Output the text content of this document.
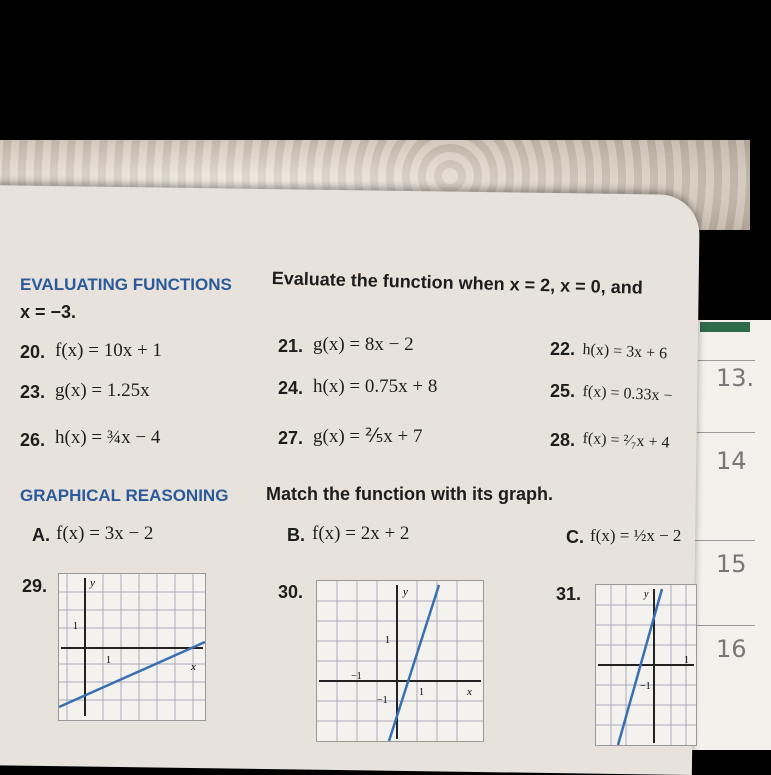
13.
14
15
16
EVALUATING FUNCTIONS Evaluate the function when x = 2, x = 0, and
x = −3.
20. f(x) = 10x + 1	21. g(x) = 8x − 2	22. h(x) = 3x + 6
23. g(x) = 1.25x	24. h(x) = 0.75x + 8	25. f(x) = 0.33x −
26. h(x) = ¾x − 4	27. g(x) = ⅖x + 7	28. f(x) = ²⁄₇x + 4
GRAPHICAL REASONING Match the function with its graph.
A. f(x) = 3x − 2	B. f(x) = 2x + 2	C. f(x) = ½x − 2
29.	y
x
1
1
30.	y
x
1
1
−1
−1
31.	y
1
−1
